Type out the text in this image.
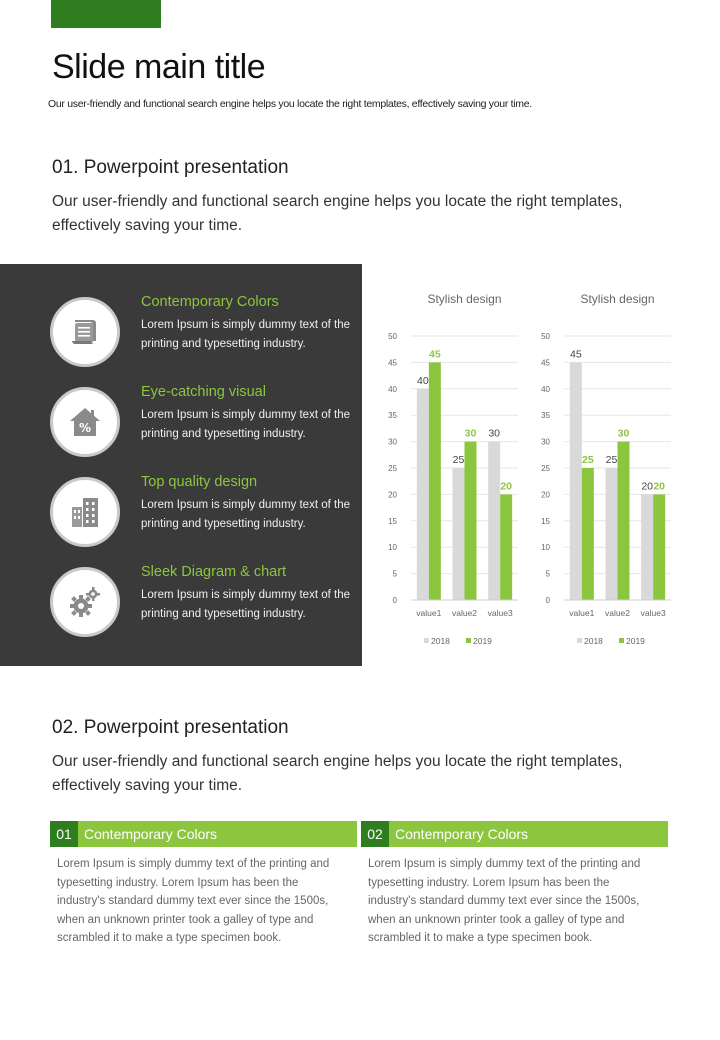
Slide main title
Our user-friendly and functional search engine helps you locate the right templates, effectively saving your time.
01. Powerpoint presentation
Our user-friendly and functional search engine helps you locate the right templates, effectively saving your time.
Contemporary Colors
Lorem Ipsum is simply dummy text of the printing and typesetting industry.
%
Eye-catching visual
Lorem Ipsum is simply dummy text of the printing and typesetting industry.
Top quality design
Lorem Ipsum is simply dummy text of the printing and typesetting industry.
Sleek Diagram & chart
Lorem Ipsum is simply dummy text of the printing and typesetting industry.
Stylish design
0
5
10
15
20
25
30
35
40
45
50
40
45
value1
25
30
value2
30
20
value3
2018	2019
Stylish design
0
5
10
15
20
25
30
35
40
45
50
45
25
value1
25
30
value2
20 20
value3
2018	2019
02. Powerpoint presentation
Our user-friendly and functional search engine helps you locate the right templates, effectively saving your time.
01 Contemporary Colors
Lorem Ipsum is simply dummy text of the printing and typesetting industry. Lorem Ipsum has been the industry's standard dummy text ever since the 1500s, when an unknown printer took a galley of type and scrambled it to make a type specimen book.
02 Contemporary Colors
Lorem Ipsum is simply dummy text of the printing and typesetting industry. Lorem Ipsum has been the industry's standard dummy text ever since the 1500s, when an unknown printer took a galley of type and scrambled it to make a type specimen book.
